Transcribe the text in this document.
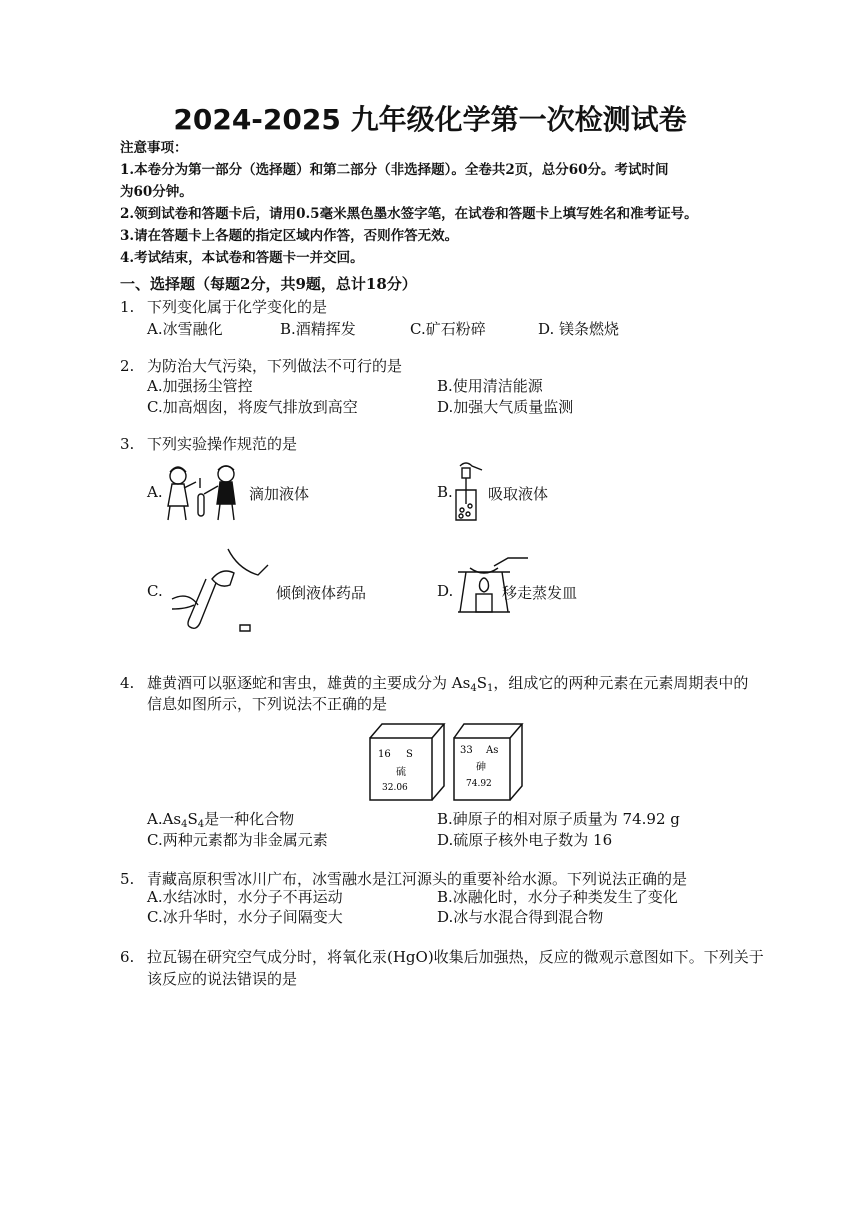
2024-2025 九年级化学第一次检测试卷
注意事项：
1.本卷分为第一部分（选择题）和第二部分（非选择题）。全卷共2页，总分60分。考试时间
为60分钟。
2.领到试卷和答题卡后，请用0.5毫米黑色墨水签字笔，在试卷和答题卡上填写姓名和准考证号。
3.请在答题卡上各题的指定区域内作答，否则作答无效。
4.考试结束，本试卷和答题卡一并交回。
一、选择题（每题2分，共9题，总计18分）
1. 下列变化属于化学变化的是
A.冰雪融化	B.酒精挥发	C.矿石粉碎	D. 镁条燃烧
2. 为防治大气污染，下列做法不可行的是
A.加强扬尘管控	B.使用清洁能源
C.加高烟囱，将废气排放到高空	D.加强大气质量监测
3. 下列实验操作规范的是
A.	滴加液体	B. 吸取液体
C.	倾倒液体药品	D.	移走蒸发皿
4. 雄黄酒可以驱逐蛇和害虫，雄黄的主要成分为 $As_4S_1$，组成它的两种元素在元素周期表中的
信息如图所示，下列说法不正确的是
16 S
硫
32.06
33 As
砷
74.92
$A.As_4S_4$是一种化合物	B.砷原子的相对原子质量为 74.92 g
C.两种元素都为非金属元素	D.硫原子核外电子数为 16
5. 青藏高原积雪冰川广布，冰雪融水是江河源头的重要补给水源。下列说法正确的是
A.水结冰时，水分子不再运动	B.冰融化时，水分子种类发生了变化
C.冰升华时，水分子间隔变大	D.冰与水混合得到混合物
6. 拉瓦锡在研究空气成分时，将氧化汞(HgO)收集后加强热，反应的微观示意图如下。下列关于
该反应的说法错误的是
